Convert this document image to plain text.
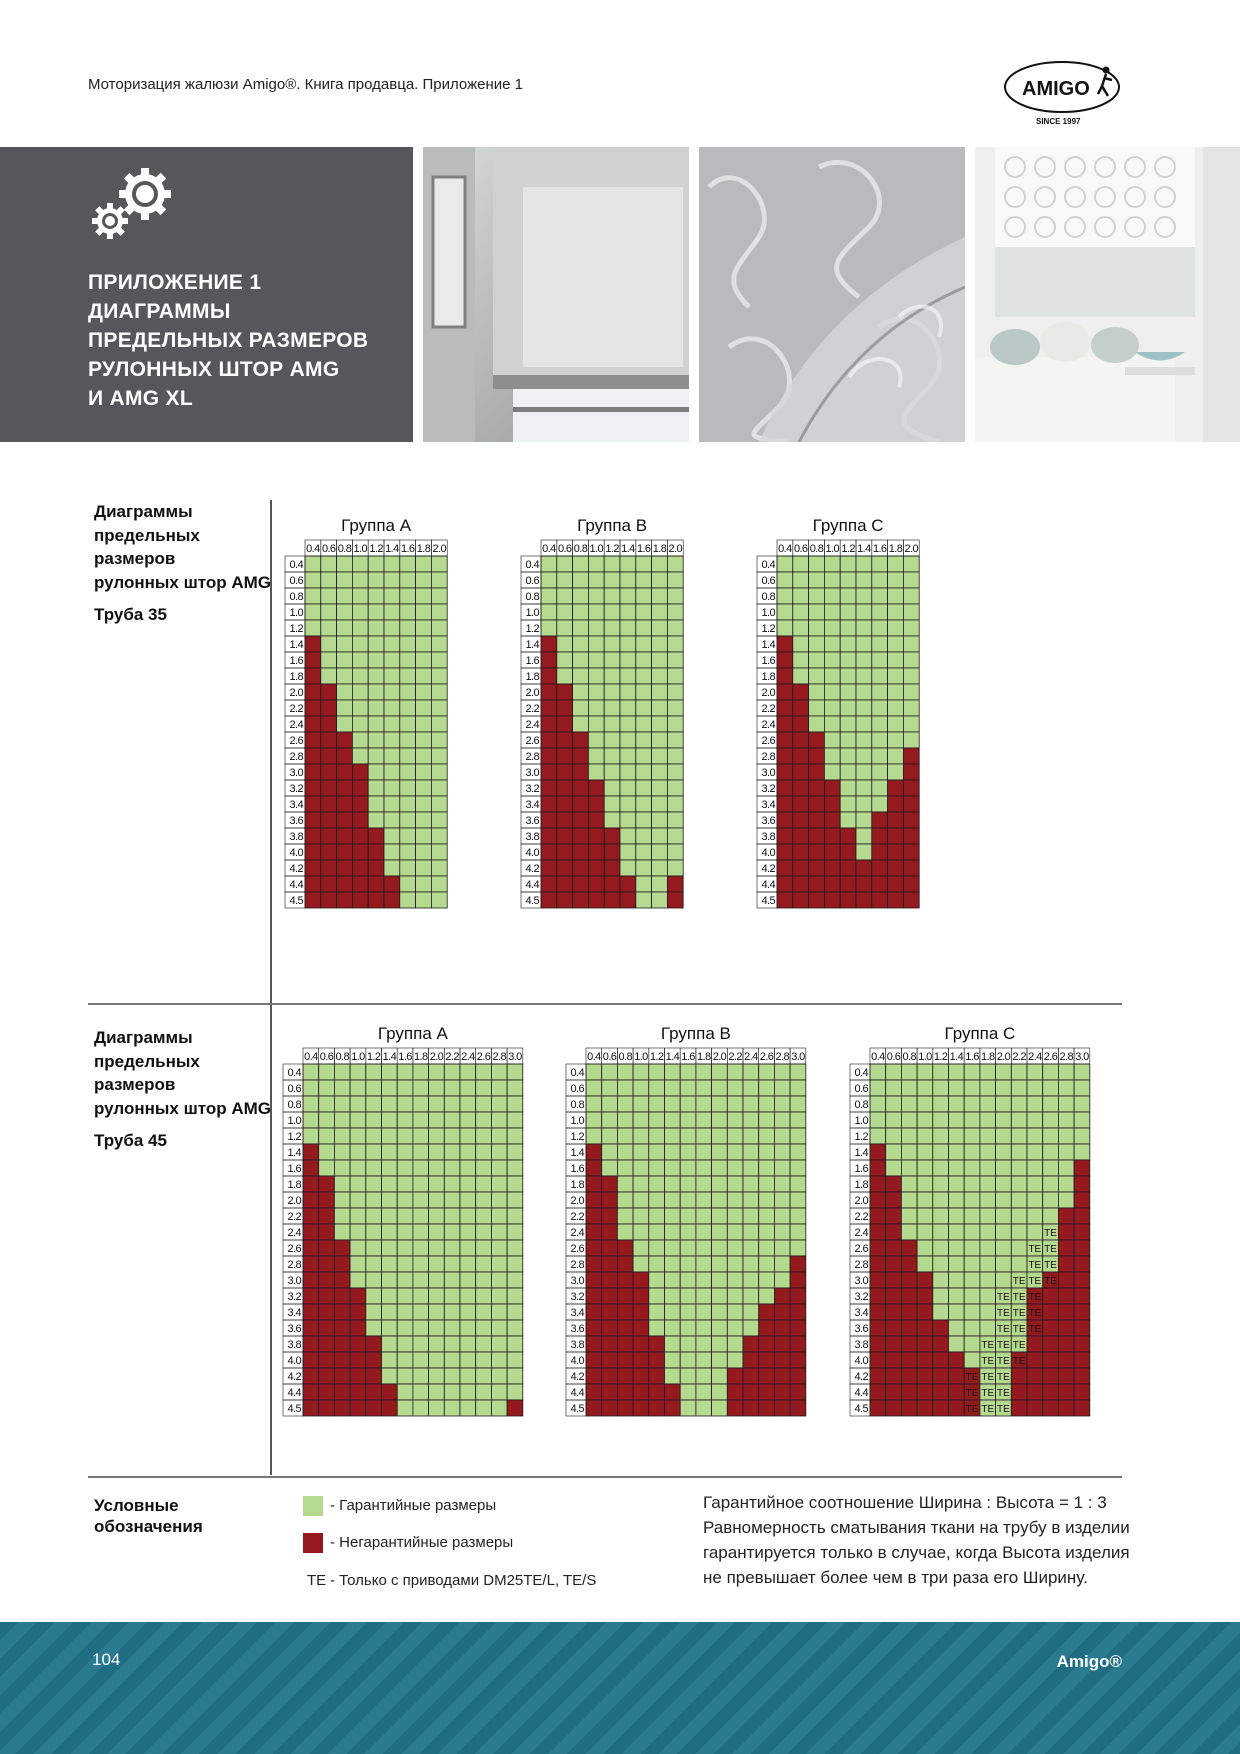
Моторизация жалюзи Amigo®. Книга продавца. Приложение 1	AMIGO
SINCE 1997
ПРИЛОЖЕНИЕ 1
ДИАГРАММЫ
ПРЕДЕЛЬНЫХ РАЗМЕРОВ
РУЛОННЫХ ШТОР AMG
И AMG XL
Диаграммы
предельных
размеров
рулонных штор AMG
Труба 35
Диаграммы
предельных
размеров
рулонных штор AMG
Труба 45
Группа A
0.4 0.6 0.8 1.0 1.2 1.4 1.6 1.8 2.0
0.4
0.6
0.8
1.0
1.2
1.4
1.6
1.8
2.0
2.2
2.4
2.6
2.8
3.0
3.2
3.4
3.6
3.8
4.0
4.2
4.4
4.5
Группа B
0.4 0.6 0.8 1.0 1.2 1.4 1.6 1.8 2.0
0.4
0.6
0.8
1.0
1.2
1.4
1.6
1.8
2.0
2.2
2.4
2.6
2.8
3.0
3.2
3.4
3.6
3.8
4.0
4.2
4.4
4.5
Группа C
0.4 0.6 0.8 1.0 1.2 1.4 1.6 1.8 2.0
0.4
0.6
0.8
1.0
1.2
1.4
1.6
1.8
2.0
2.2
2.4
2.6
2.8
3.0
3.2
3.4
3.6
3.8
4.0
4.2
4.4
4.5
Группа A
0.4 0.6 0.8 1.0 1.2 1.4 1.6 1.8 2.0 2.2 2.4 2.6 2.8 3.0
0.4
0.6
0.8
1.0
1.2
1.4
1.6
1.8
2.0
2.2
2.4
2.6
2.8
3.0
3.2
3.4
3.6
3.8
4.0
4.2
4.4
4.5
Группа B
0.4 0.6 0.8 1.0 1.2 1.4 1.6 1.8 2.0 2.2 2.4 2.6 2.8 3.0
0.4
0.6
0.8
1.0
1.2
1.4
1.6
1.8
2.0
2.2
2.4
2.6
2.8
3.0
3.2
3.4
3.6
3.8
4.0
4.2
4.4
4.5
Группа C
TE
TE
TE
TE
TE
TE
TE
TE
TE
TE
TE
TE
TE
TE
TE
TE
TE
TE
TE
TE
TE
TE
TE
TE
TE
TE
TE
TE
TE
TE
TE
TE
0.4 0.6 0.8 1.0 1.2 1.4 1.6 1.8 2.0 2.2 2.4 2.6 2.8 3.0
0.4
0.6
0.8
1.0
1.2
1.4
1.6
1.8
2.0
2.2
2.4
2.6
2.8
3.0
3.2
3.4
3.6
3.8
4.0
4.2
4.4
4.5
Условные
обозначения
- Гарантийные размеры
- Негарантийные размеры
TE - Только с приводами DM25TE/L, TE/S
Гарантийное соотношение Ширина : Высота = 1 : 3
Равномерность сматывания ткани на трубу в изделии
гарантируется только в случае, когда Высота изделия
не превышает более чем в три раза его Ширину.
104	Amigo®
